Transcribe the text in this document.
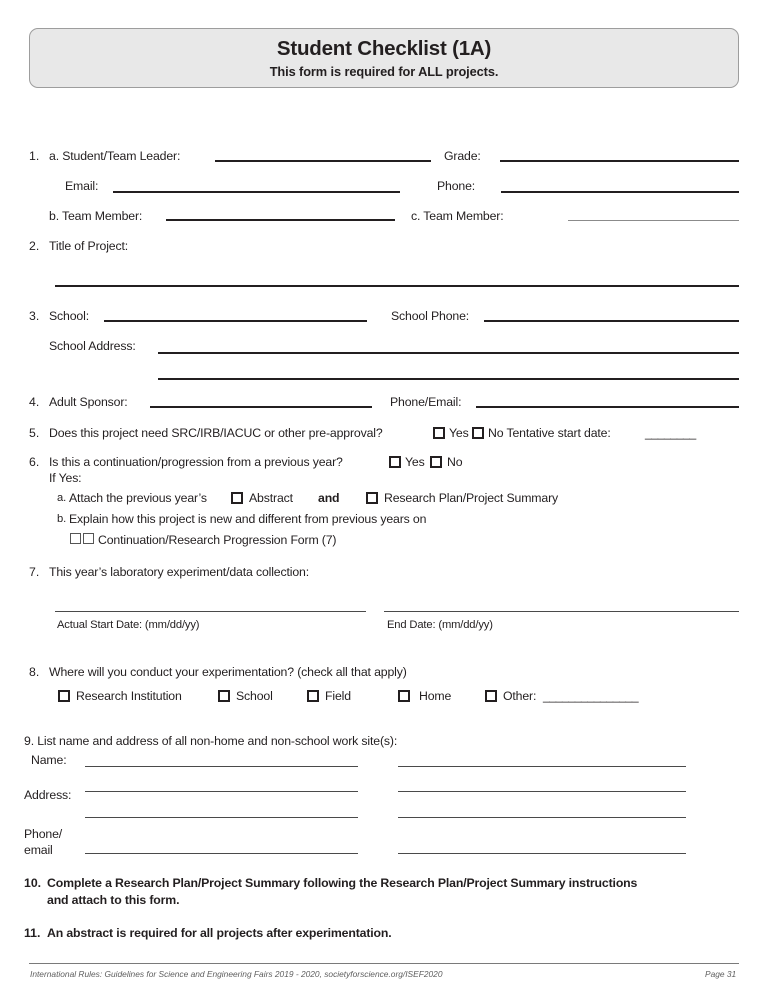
Student Checklist (1A)
This form is required for ALL projects.
1. a. Student/Team Leader:	Grade:
Email:	Phone:
b. Team Member:	c. Team Member:
2. Title of Project:
3. School:	School Phone:
School Address:
4. Adult Sponsor:	Phone/Email:
5. Does this project need SRC/IRB/IACUC or other pre-approval?	Yes No Tentative start date:	________
6. Is this a continuation/progression from a previous year?	Yes No
If Yes:
a. Attach the previous year’s	Abstract and	Research Plan/Project Summary
b. Explain how this project is new and different from previous years on
Continuation/Research Progression Form (7)
7. This year’s laboratory experiment/data collection:
Actual Start Date: (mm/dd/yy)	End Date: (mm/dd/yy)
8. Where will you conduct your experimentation? (check all that apply)
Research Institution	School	Field	Home	Other: _______________
9. List name and address of all non-home and non-school work site(s):
Name:
Address:
Phone/
email
10. Complete a Research Plan/Project Summary following the Research Plan/Project Summary instructions
and attach to this form.
11. An abstract is required for all projects after experimentation.
International Rules: Guidelines for Science and Engineering Fairs 2019 - 2020, societyforscience.org/ISEF2020	Page 31
